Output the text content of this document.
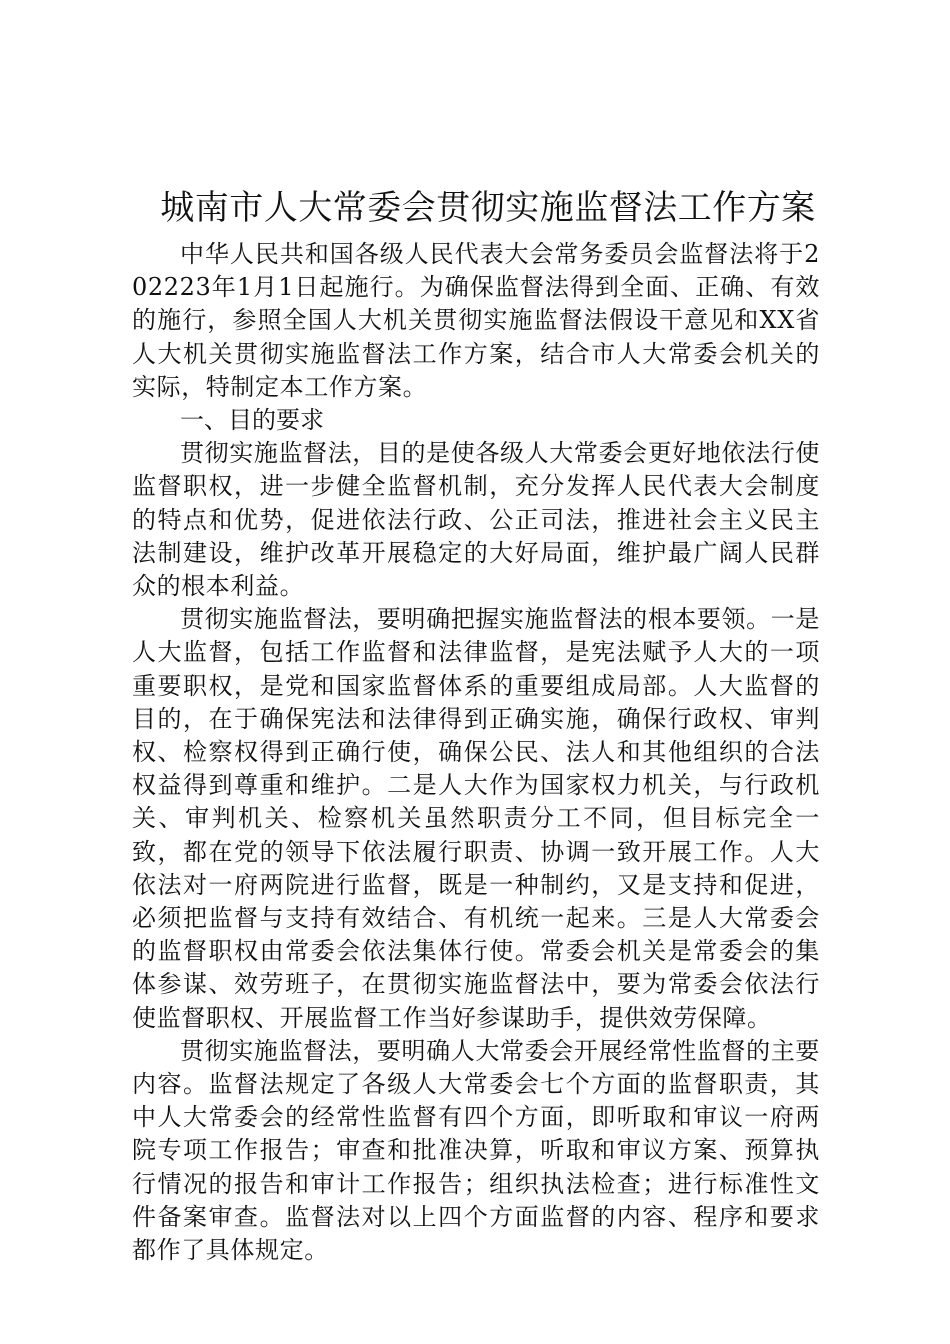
城南市人大常委会贯彻实施监督法工作方案

中华人民共和国各级人民代表大会常务委员会监督法将于202223年1月1日起施行。为确保监督法得到全面、正确、有效的施行，参照全国人大机关贯彻实施监督法假设干意见和XX省人大机关贯彻实施监督法工作方案，结合市人大常委会机关的实际，特制定本工作方案。

一、目的要求

贯彻实施监督法，目的是使各级人大常委会更好地依法行使监督职权，进一步健全监督机制，充分发挥人民代表大会制度的特点和优势，促进依法行政、公正司法，推进社会主义民主法制建设，维护改革开展稳定的大好局面，维护最广阔人民群众的根本利益。

贯彻实施监督法，要明确把握实施监督法的根本要领。一是人大监督，包括工作监督和法律监督，是宪法赋予人大的一项重要职权，是党和国家监督体系的重要组成局部。人大监督的目的，在于确保宪法和法律得到正确实施，确保行政权、审判权、检察权得到正确行使，确保公民、法人和其他组织的合法权益得到尊重和维护。二是人大作为国家权力机关，与行政机关、审判机关、检察机关虽然职责分工不同，但目标完全一致，都在党的领导下依法履行职责、协调一致开展工作。人大依法对一府两院进行监督，既是一种制约，又是支持和促进，必须把监督与支持有效结合、有机统一起来。三是人大常委会的监督职权由常委会依法集体行使。常委会机关是常委会的集体参谋、效劳班子，在贯彻实施监督法中，要为常委会依法行使监督职权、开展监督工作当好参谋助手，提供效劳保障。

贯彻实施监督法，要明确人大常委会开展经常性监督的主要内容。监督法规定了各级人大常委会七个方面的监督职责，其中人大常委会的经常性监督有四个方面，即听取和审议一府两院专项工作报告；审查和批准决算，听取和审议方案、预算执行情况的报告和审计工作报告；组织执法检查；进行标准性文件备案审查。监督法对以上四个方面监督的内容、程序和要求都作了具体规定。
